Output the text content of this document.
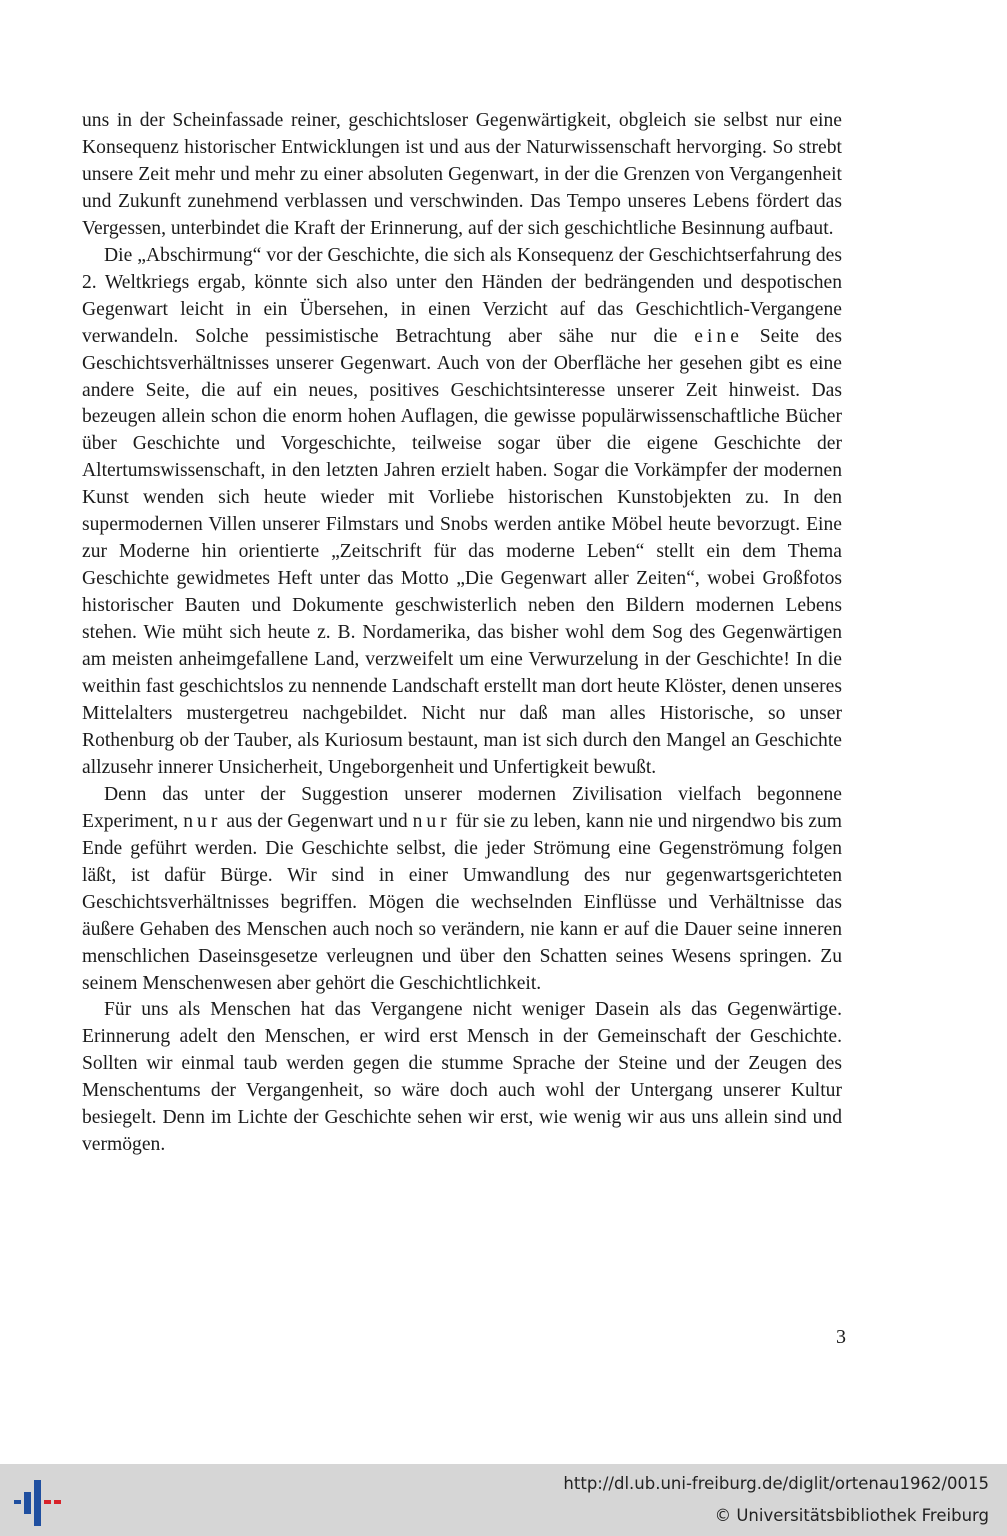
uns in der Scheinfassade reiner, geschichtsloser Gegenwärtigkeit, obgleich sie selbst nur eine Konsequenz historischer Entwicklungen ist und aus der Naturwissenschaft hervorging. So strebt unsere Zeit mehr und mehr zu einer absoluten Gegenwart, in der die Grenzen von Vergangenheit und Zukunft zunehmend verblassen und verschwinden. Das Tempo unseres Lebens fördert das Vergessen, unterbindet die Kraft der Erinnerung, auf der sich geschichtliche Besinnung aufbaut.

Die „Abschirmung“ vor der Geschichte, die sich als Konsequenz der Geschichtserfahrung des 2. Weltkriegs ergab, könnte sich also unter den Händen der bedrängenden und despotischen Gegenwart leicht in ein Übersehen, in einen Verzicht auf das Geschichtlich-Vergangene verwandeln. Solche pessimistische Betrachtung aber sähe nur die eine Seite des Geschichtsverhältnisses unserer Gegenwart. Auch von der Oberfläche her gesehen gibt es eine andere Seite, die auf ein neues, positives Geschichtsinteresse unserer Zeit hinweist. Das bezeugen allein schon die enorm hohen Auflagen, die gewisse populärwissenschaftliche Bücher über Geschichte und Vorgeschichte, teilweise sogar über die eigene Geschichte der Altertumswissenschaft, in den letzten Jahren erzielt haben. Sogar die Vorkämpfer der modernen Kunst wenden sich heute wieder mit Vorliebe historischen Kunstobjekten zu. In den supermodernen Villen unserer Filmstars und Snobs werden antike Möbel heute bevorzugt. Eine zur Moderne hin orientierte „Zeitschrift für das moderne Leben“ stellt ein dem Thema Geschichte gewidmetes Heft unter das Motto „Die Gegenwart aller Zeiten“, wobei Großfotos historischer Bauten und Dokumente geschwisterlich neben den Bildern modernen Lebens stehen. Wie müht sich heute z. B. Nordamerika, das bisher wohl dem Sog des Gegenwärtigen am meisten anheimgefallene Land, verzweifelt um eine Verwurzelung in der Geschichte! In die weithin fast geschichtslos zu nennende Landschaft erstellt man dort heute Klöster, denen unseres Mittelalters mustergetreu nachgebildet. Nicht nur daß man alles Historische, so unser Rothenburg ob der Tauber, als Kuriosum bestaunt, man ist sich durch den Mangel an Geschichte allzusehr innerer Unsicherheit, Ungeborgenheit und Unfertigkeit bewußt.

Denn das unter der Suggestion unserer modernen Zivilisation vielfach begonnene Experiment, nur aus der Gegenwart und nur für sie zu leben, kann nie und nirgendwo bis zum Ende geführt werden. Die Geschichte selbst, die jeder Strömung eine Gegenströmung folgen läßt, ist dafür Bürge. Wir sind in einer Umwandlung des nur gegenwartsgerichteten Geschichtsverhältnisses begriffen. Mögen die wechselnden Einflüsse und Verhältnisse das äußere Gehaben des Menschen auch noch so verändern, nie kann er auf die Dauer seine inneren menschlichen Daseinsgesetze verleugnen und über den Schatten seines Wesens springen. Zu seinem Menschenwesen aber gehört die Geschichtlichkeit.

Für uns als Menschen hat das Vergangene nicht weniger Dasein als das Gegenwärtige. Erinnerung adelt den Menschen, er wird erst Mensch in der Gemeinschaft der Geschichte. Sollten wir einmal taub werden gegen die stumme Sprache der Steine und der Zeugen des Menschentums der Vergangenheit, so wäre doch auch wohl der Untergang unserer Kultur besiegelt. Denn im Lichte der Geschichte sehen wir erst, wie wenig wir aus uns allein sind und vermögen.

3
http://dl.ub.uni-freiburg.de/diglit/ortenau1962/0015
© Universitätsbibliothek Freiburg
